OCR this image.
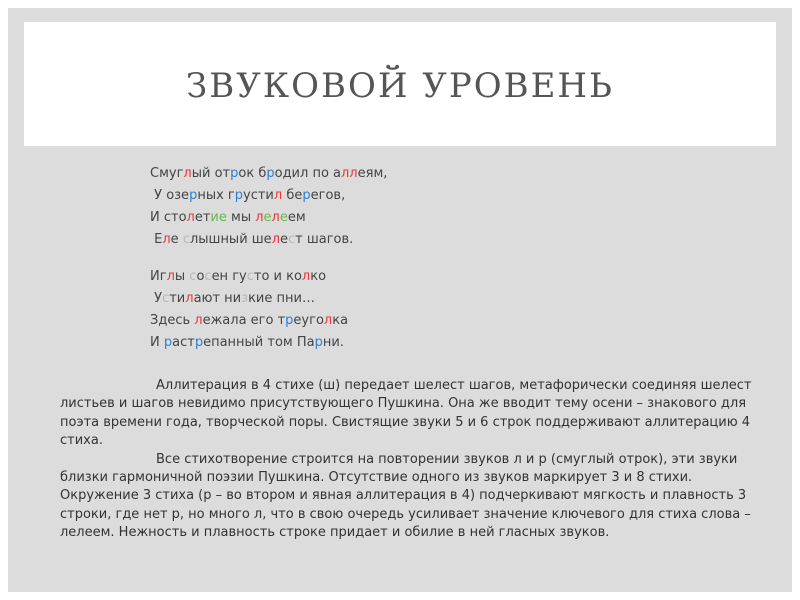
ЗВУКОВОЙ УРОВЕНЬ
Смуглый отрок бродил по аллеям,
У озерных грустил берегов,
И столетие мы лелеем
Еле слышный шелест шагов.
Иглы сосен густо и колко
Устилают низкие пни…
Здесь лежала его треуголка
И растрепанный том Парни.

Аллитерация в 4 стихе (ш) передает шелест шагов, метафорически соединяя шелест листьев и шагов невидимо присутствующего Пушкина. Она же вводит тему осени – знакового для поэта времени года, творческой поры. Свистящие звуки 5 и 6 строк поддерживают аллитерацию 4 стиха.

Все стихотворение строится на повторении звуков л и р (смуглый отрок), эти звуки близки гармоничной поэзии Пушкина. Отсутствие одного из звуков маркирует 3 и 8 стихи. Окружение 3 стиха (р – во втором и явная аллитерация в 4) подчеркивают мягкость и плавность 3 строки, где нет р, но много л, что в свою очередь усиливает значение ключевого для стиха слова – лелеем. Нежность и плавность строке придает и обилие в ней гласных звуков.
